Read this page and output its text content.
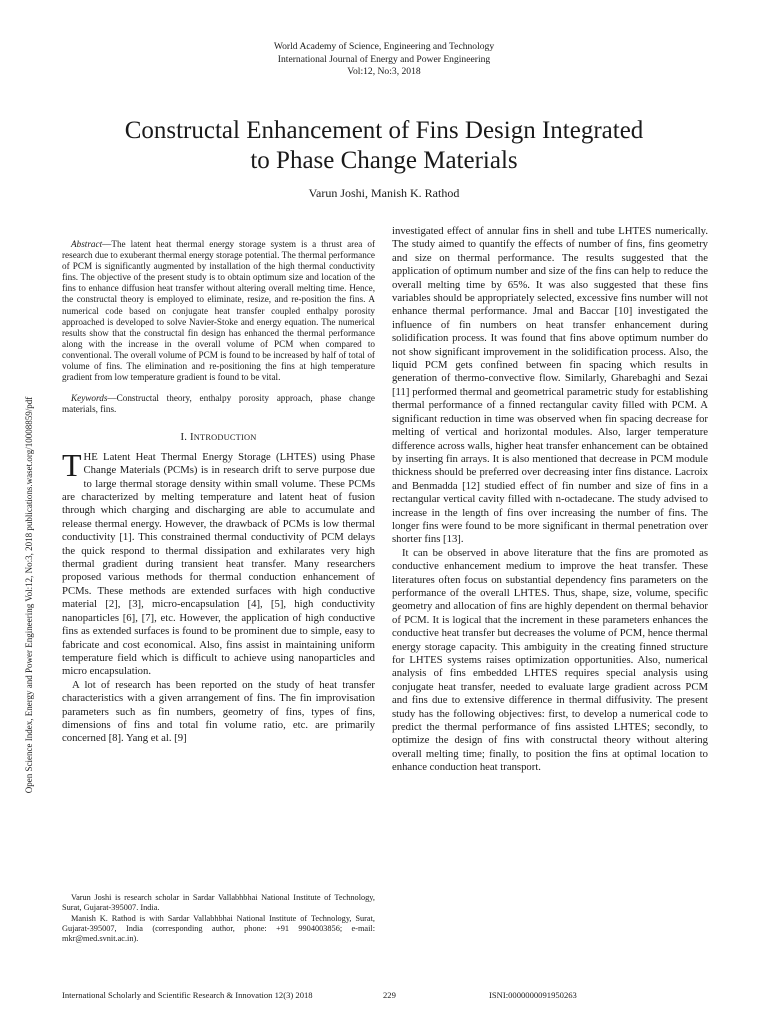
World Academy of Science, Engineering and Technology
International Journal of Energy and Power Engineering
Vol:12, No:3, 2018
Constructal Enhancement of Fins Design Integrated
to Phase Change Materials
Varun Joshi, Manish K. Rathod
Open Science Index, Energy and Power Engineering Vol:12, No:3, 2018 publications.waset.org/10008859/pdf

Abstract—The latent heat thermal energy storage system is a thrust area of research due to exuberant thermal energy storage potential. The thermal performance of PCM is significantly augmented by installation of the high thermal conductivity fins. The objective of the present study is to obtain optimum size and location of the fins to enhance diffusion heat transfer without altering overall melting time. Hence, the constructal theory is employed to eliminate, resize, and re-position the fins. A numerical code based on conjugate heat transfer coupled enthalpy porosity approached is developed to solve Navier-Stoke and energy equation. The numerical results show that the constructal fin design has enhanced the thermal performance along with the increase in the overall volume of PCM when compared to conventional. The overall volume of PCM is found to be increased by half of total of volume of fins. The elimination and re-positioning the fins at high temperature gradient from low temperature gradient is found to be vital.

Keywords—Constructal theory, enthalpy porosity approach, phase change materials, fins.

I. INTRODUCTION

THE Latent Heat Thermal Energy Storage (LHTES) using Phase Change Materials (PCMs) is in research drift to serve purpose due to large thermal storage density within small volume. These PCMs are characterized by melting temperature and latent heat of fusion through which charging and discharging are able to accumulate and release thermal energy. However, the drawback of PCMs is low thermal conductivity [1]. This constrained thermal conductivity of PCM delays the quick respond to thermal dissipation and exhilarates very high thermal gradient during transient heat transfer. Many researchers proposed various methods for thermal conduction enhancement of PCMs. These methods are extended surfaces with high conductive material [2], [3], micro-encapsulation [4], [5], high conductivity nanoparticles [6], [7], etc. However, the application of high conductive fins as extended surfaces is found to be prominent due to simple, easy to fabricate and cost economical. Also, fins assist in maintaining uniform temperature field which is difficult to achieve using nanoparticles and micro encapsulation.

A lot of research has been reported on the study of heat transfer characteristics with a given arrangement of fins. The fin improvisation parameters such as fin numbers, geometry of fins, types of fins, dimensions of fins and total fin volume ratio, etc. are primarily concerned [8]. Yang et al. [9]

Varun Joshi is research scholar in Sardar Vallabhbhai National Institute of Technology, Surat, Gujarat-395007. India.

Manish K. Rathod is with Sardar Vallabhbhai National Institute of Technology, Surat, Gujarat-395007, India (corresponding author, phone: +91 9904003856; e-mail: mkr@med.svnit.ac.in).

investigated effect of annular fins in shell and tube LHTES numerically. The study aimed to quantify the effects of number of fins, fins geometry and size on thermal performance. The results suggested that the application of optimum number and size of the fins can help to reduce the overall melting time by 65%. It was also suggested that these fins variables should be appropriately selected, excessive fins number will not enhance thermal performance. Jmal and Baccar [10] investigated the influence of fin numbers on heat transfer enhancement during solidification process. It was found that fins above optimum number do not show significant improvement in the solidification process. Also, the liquid PCM gets confined between fin spacing which results in generation of thermo-convective flow. Similarly, Gharebaghi and Sezai [11] performed thermal and geometrical parametric study for establishing thermal performance of a finned rectangular cavity filled with PCM. A significant reduction in time was observed when fin spacing decrease for melting of vertical and horizontal modules. Also, larger temperature difference across walls, higher heat transfer enhancement can be obtained by inserting fin arrays. It is also mentioned that decrease in PCM module thickness should be preferred over decreasing inter fins distance. Lacroix and Benmadda [12] studied effect of fin number and size of fins in a rectangular vertical cavity filled with n-octadecane. The study advised to increase in the length of fins over increasing the number of fins. The longer fins were found to be more significant in thermal penetration over shorter fins [13].

It can be observed in above literature that the fins are promoted as conductive enhancement medium to improve the heat transfer. These literatures often focus on substantial dependency fins parameters on the performance of the overall LHTES. Thus, shape, size, volume, specific geometry and allocation of fins are highly dependent on thermal behavior of PCM. It is logical that the increment in these parameters enhances the conductive heat transfer but decreases the volume of PCM, hence thermal energy storage capacity. This ambiguity in the creating finned structure for LHTES systems raises optimization opportunities. Also, numerical analysis of fins embedded LHTES requires special analysis using conjugate heat transfer, needed to evaluate large gradient across PCM and fins due to extensive difference in thermal diffusivity. The present study has the following objectives: first, to develop a numerical code to predict the thermal performance of fins assisted LHTES; secondly, to optimize the design of fins with constructal theory without altering overall melting time; finally, to position the fins at optimal location to enhance conduction heat transport.

International Scholarly and Scientific Research & Innovation 12(3) 2018	229	ISNI:0000000091950263
